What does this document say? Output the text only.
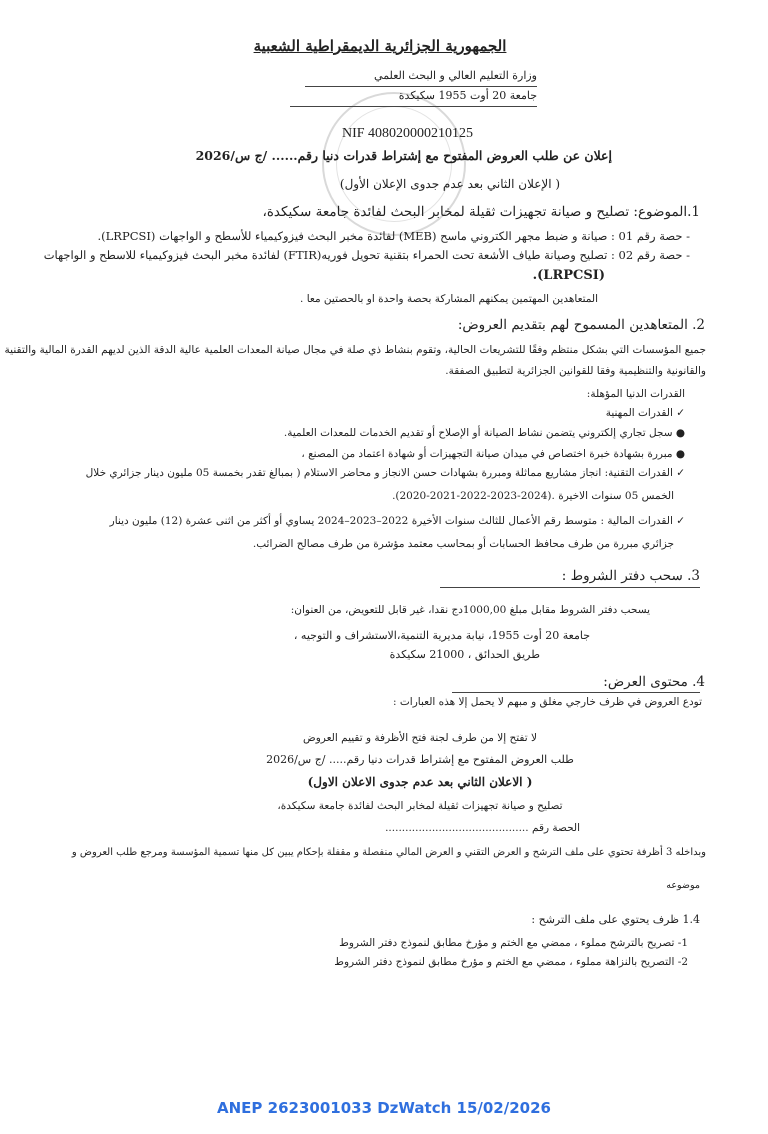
الجمهورية الجزائرية الديمقراطية الشعبية
وزارة التعليم العالي و البحث العلمي
جامعة 20 أوت 1955 سكيكدة
NIF 408020000210125
إعلان عن طلب العروض المفتوح مع إشتراط قدرات دنيا رقم...... /ج س/2026
( الإعلان الثاني بعد عدم جدوى الإعلان الأول)
1.الموضوع: تصليح و صيانة تجهيزات ثقيلة لمخابر البحث لفائدة جامعة سكيكدة،
- حصة رقم 01 : صيانة و ضبط مجهر الكتروني ماسح (MEB) لفائدة مخبر البحث فيزوكيمياء للأسطح و الواجهات (LRPCSI).
- حصة رقم 02 : تصليح وصيانة طياف الأشعة تحت الحمراء بتقنية تحويل فوريه(FTIR) لفائدة مخبر البحث فيزوكيمياء للاسطح و الواجهات
(LRPCSI).
المتعاهدين المهتمين يمكنهم المشاركة بحصة واحدة او بالحصتين معا .
2. المتعاهدين المسموح لهم بتقديم العروض:
جميع المؤسسات التي بشكل منتظم وفقًا للتشريعات الحالية، وتقوم بنشاط ذي صلة في مجال صيانة المعدات العلمية عالية الدقة الذين لديهم القدرة المالية والتقنية
والقانونية والتنظيمية وفقا للقوانين الجزائرية لتطبيق الصفقة.
القدرات الدنيا المؤهلة:
✓ القدرات المهنية
● سجل تجاري إلكتروني يتضمن نشاط الصيانة أو الإصلاح أو تقديم الخدمات للمعدات العلمية.
● مبررة بشهادة خبرة اختصاص في ميدان صيانة التجهيزات أو شهادة اعتماد من المصنع ،
✓ القدرات التقنية: انجاز مشاريع مماثلة ومبررة بشهادات حسن الانجاز و محاضر الاستلام ( بمبالغ تقدر بخمسة 05 مليون دينار جزائري خلال
الخمس 05 سنوات الاخيرة .(2024-2023-2022-2021-2020).
✓ القدرات المالية : متوسط رقم الأعمال للثالث سنوات الأخيرة 2022–2023–2024 يساوي أو أكثر من اثنى عشرة (12) مليون دينار
جزائري مبررة من طرف محافظ الحسابات أو بمحاسب معتمد مؤشرة من طرف مصالح الضرائب.
3. سحب دفتر الشروط :
يسحب دفتر الشروط مقابل مبلغ 1000,00دج نقدا، غير قابل للتعويض، من العنوان:
جامعة 20 أوت 1955، نيابة مديرية التنمية،الاستشراف و التوجيه ،
طريق الحدائق ، 21000 سكيكدة
4. محتوى العرض:
تودع العروض في ظرف خارجي مغلق و مبهم لا يحمل إلا هذه العبارات :
لا تفتح إلا من طرف لجنة فتح الأظرفة و تقييم العروض
طلب العروض المفتوح مع إشتراط قدرات دنيا رقم..... /ج س/2026
( الاعلان الثاني بعد عدم جدوى الاعلان الاول)
تصليح و صيانة تجهيزات ثقيلة لمخابر البحث لفائدة جامعة سكيكدة،
الحصة رقم ...........................................
وبداخله 3 أظرفة تحتوي على ملف الترشح و العرض التقني و العرض المالي منفصلة و مقفلة بإحكام يبين كل منها تسمية المؤسسة ومرجع طلب العروض و
موضوعه
1.4 ظرف يحتوي على ملف الترشح :
1- تصريح بالترشح مملوء ، ممضي مع الختم و مؤرخ مطابق لنموذج دفتر الشروط
2- التصريح بالنزاهة مملوء ، ممضي مع الختم و مؤرخ مطابق لنموذج دفتر الشروط
ANEP 2623001033 DzWatch 15/02/2026
